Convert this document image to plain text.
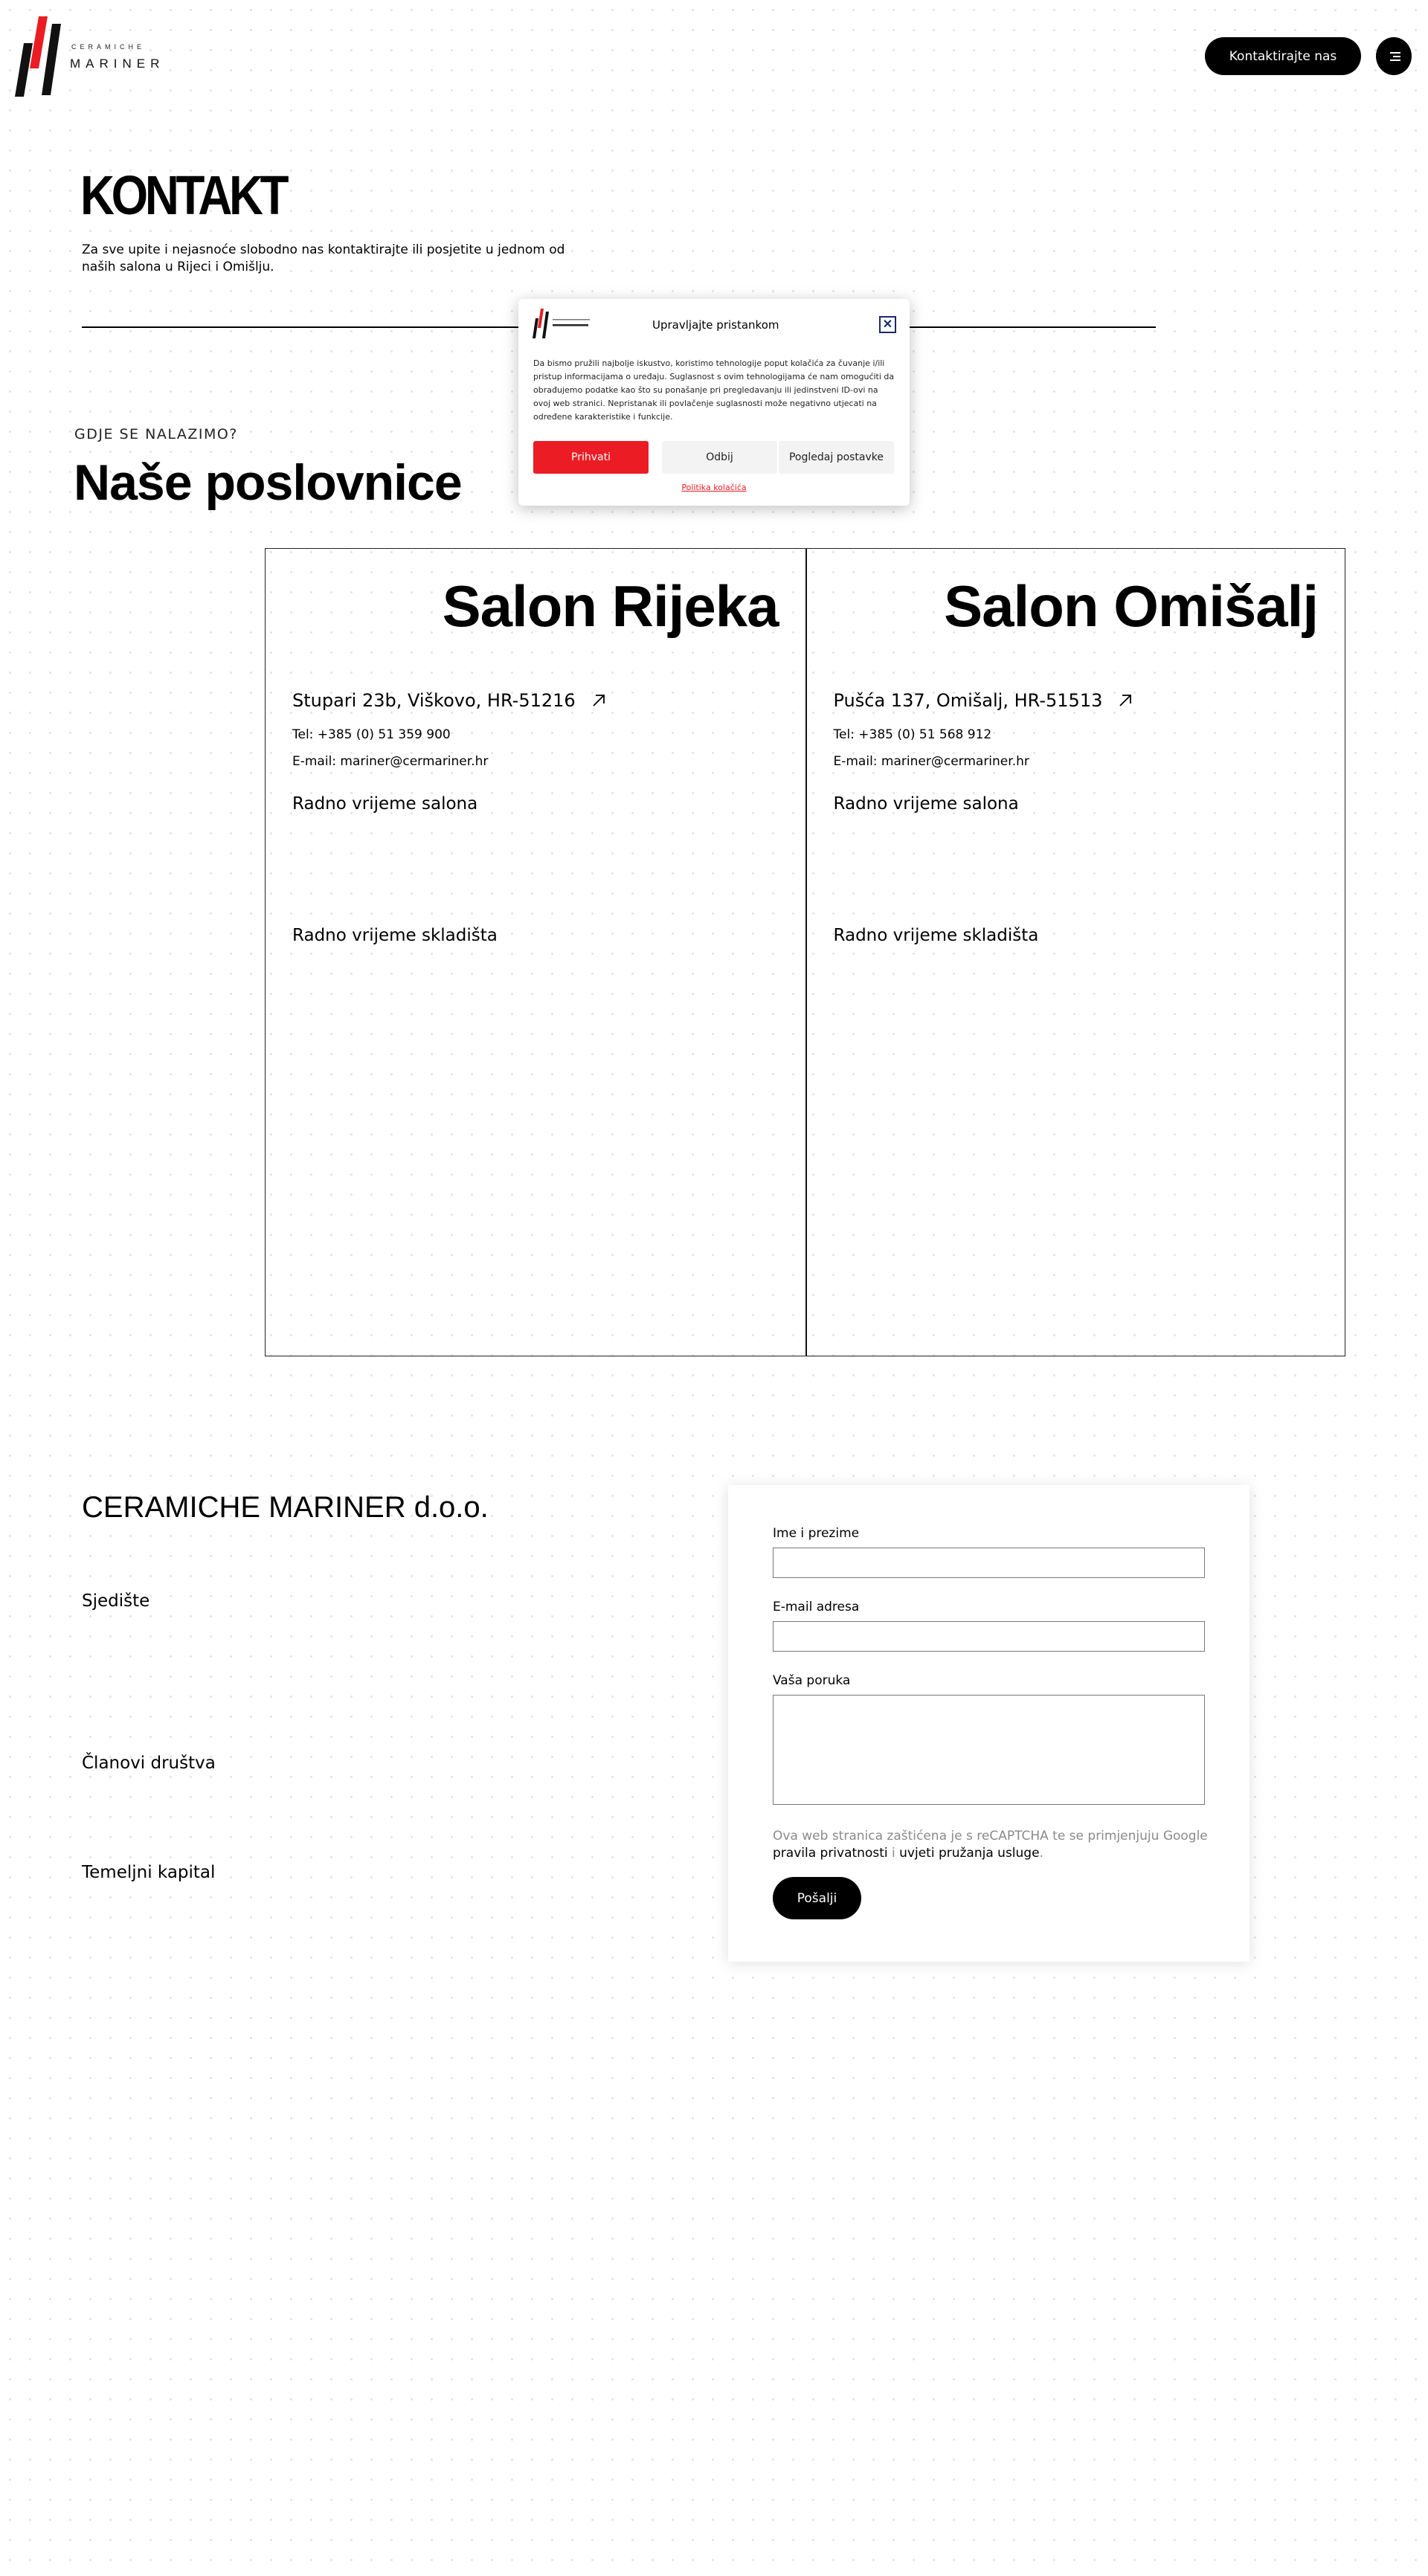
CERAMICHE
MARINER	Kontaktirajte nas
KONTAKT
Za sve upite i nejasnoće slobodno nas kontaktirajte ili posjetite u jednom od naših salona u Rijeci i Omišlju.
GDJE SE NALAZIMO?
Naše poslovnice
Salon Rijeka
Stupari 23b, Viškovo, HR-51216
Tel: +385 (0) 51 359 900
E-mail: mariner@cermariner.hr
Radno vrijeme salona
Radno vrijeme skladišta
Salon Omišalj
Pušća 137, Omišalj, HR-51513
Tel: +385 (0) 51 568 912
E-mail: mariner@cermariner.hr
Radno vrijeme salona
Radno vrijeme skladišta
CERAMICHE MARINER d.o.o.
Sjedište
Članovi društva
Temeljni kapital
Ime i prezime
E-mail adresa
Vaša poruka
Ova web stranica zaštićena je s reCAPTCHA te se primjenjuju Google pravila privatnosti i uvjeti pružanja usluge.
Pošalji
Upravljajte pristankom	✕
Da bismo pružili najbolje iskustvo, koristimo tehnologije poput kolačića za čuvanje i/ili pristup informacijama o uređaju. Suglasnost s ovim tehnologijama će nam omogućiti da obrađujemo podatke kao što su ponašanje pri pregledavanju ili jedinstveni ID-ovi na ovoj web stranici. Nepristanak ili povlačenje suglasnosti može negativno utjecati na određene karakteristike i funkcije.
Prihvati	Odbij	Pogledaj postavke
Politika kolačića
